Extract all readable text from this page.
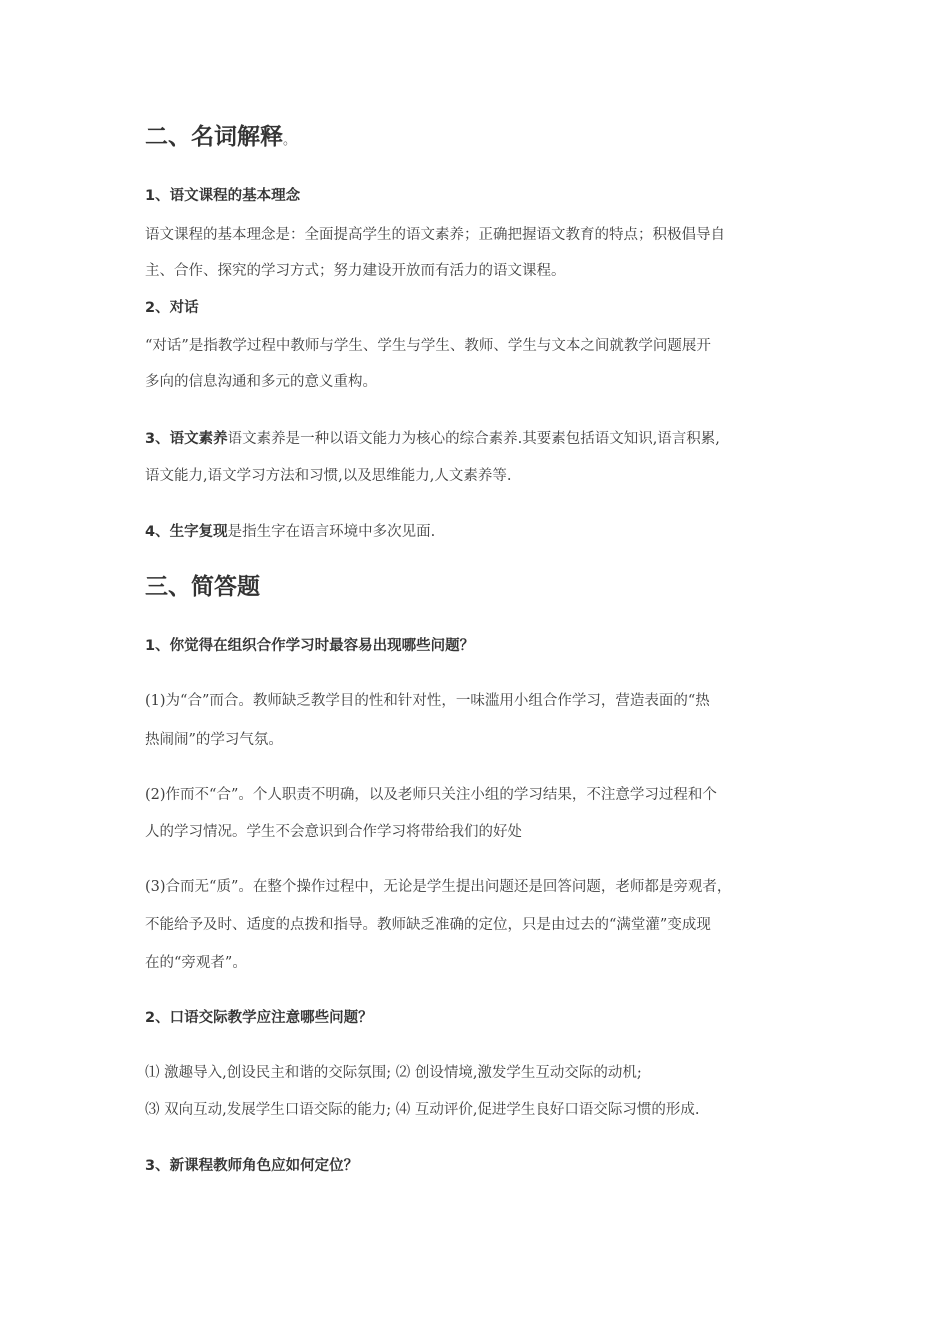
二、名词解释。
1、语文课程的基本理念
语文课程的基本理念是：全面提高学生的语文素养；正确把握语文教育的特点；积极倡导自
主、合作、探究的学习方式；努力建设开放而有活力的语文课程。
2、对话
“对话”是指教学过程中教师与学生、学生与学生、教师、学生与文本之间就教学问题展开
多向的信息沟通和多元的意义重构。
3、语文素养语文素养是一种以语文能力为核心的综合素养.其要素包括语文知识,语言积累,
语文能力,语文学习方法和习惯,以及思维能力,人文素养等.
4、生字复现是指生字在语言环境中多次见面.
三、简答题
1、你觉得在组织合作学习时最容易出现哪些问题？
(1)为“合”而合。教师缺乏教学目的性和针对性，一味滥用小组合作学习，营造表面的“热
热闹闹”的学习气氛。
(2)作而不“合”。个人职责不明确，以及老师只关注小组的学习结果，不注意学习过程和个
人的学习情况。学生不会意识到合作学习将带给我们的好处
(3)合而无“质”。在整个操作过程中，无论是学生提出问题还是回答问题，老师都是旁观者，
不能给予及时、适度的点拨和指导。教师缺乏准确的定位，只是由过去的“满堂灌”变成现
在的“旁观者”。
2、口语交际教学应注意哪些问题？
⑴ 激趣导入,创设民主和谐的交际氛围; ⑵ 创设情境,激发学生互动交际的动机;
⑶ 双向互动,发展学生口语交际的能力; ⑷ 互动评价,促进学生良好口语交际习惯的形成.
3、新课程教师角色应如何定位？
